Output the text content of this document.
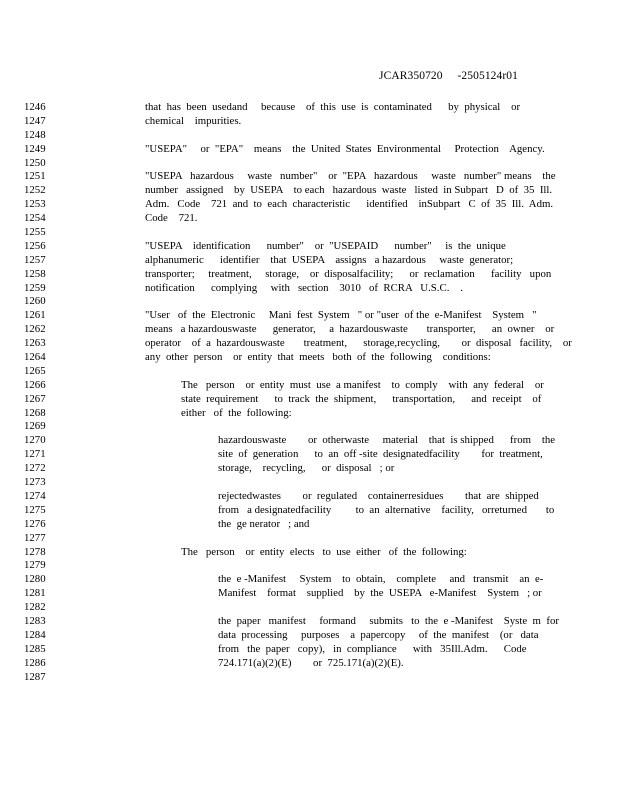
JCAR350720     -2505124r01
1246	that  has  been  usedand     because    of  this  use  is  contaminated      by  physical    or
1247	chemical    impurities.
1248
1249	"USEPA"     or  "EPA"    means    the  United  States  Environmental     Protection    Agency.
1250
1251	"USEPA   hazardous     waste   number"    or  "EPA   hazardous     waste   number" means    the
1252	number   assigned    by  USEPA    to each   hazardous  waste   listed  in Subpart   D  of  35  Ill.
1253	Adm.   Code    721  and  to  each  characteristic      identified    inSubpart   C  of  35  Ill.  Adm.
1254	Code    721.
1255
1256	"USEPA    identification      number"    or  "USEPAID      number"     is  the  unique
1257	alphanumeric      identifier    that  USEPA    assigns   a hazardous     waste  generator;
1258	transporter;     treatment,     storage,    or  disposalfacility;      or  reclamation      facility   upon
1259	notification      complying     with   section    3010   of  RCRA   U.S.C.    .
1260
1261	"User   of  the  Electronic     Mani  fest  System   " or "user  of the  e-Manifest    System   "
1262	means   a hazardouswaste      generator,     a  hazardouswaste       transporter,      an  owner    or
1263	operator    of  a  hazardouswaste       treatment,      storage,recycling,        or  disposal   facility,    or
1264	any  other  person    or  entity  that  meets   both  of  the  following    conditions:
1265
1266	The   person    or  entity  must  use  a manifest    to  comply    with  any  federal    or
1267	state  requirement      to  track  the  shipment,      transportation,      and  receipt    of
1268	either   of  the  following:
1269
1270	hazardouswaste        or  otherwaste     material    that  is shipped      from    the
1271	site  of  generation      to  an  off -site  designatedfacility        for  treatment,
1272	storage,    recycling,      or  disposal   ; or
1273
1274	rejectedwastes        or  regulated    containerresidues        that  are  shipped
1275	from   a designatedfacility         to  an  alternative    facility,   orreturned       to
1276	the  ge nerator   ; and
1277
1278	The   person    or  entity  elects   to  use  either   of  the  following:
1279
1280	the  e -Manifest     System    to  obtain,    complete     and   transmit    an  e-
1281	Manifest    format    supplied    by  the  USEPA   e-Manifest    System   ; or
1282
1283	the  paper   manifest     formand     submits   to  the  e -Manifest    Syste  m  for
1284	data  processing     purposes    a  papercopy     of  the  manifest    (or   data
1285	from   the  paper   copy),   in  compliance      with   35Ill.Adm.      Code
1286	724.171(a)(2)(E)        or  725.171(a)(2)(E).
1287
